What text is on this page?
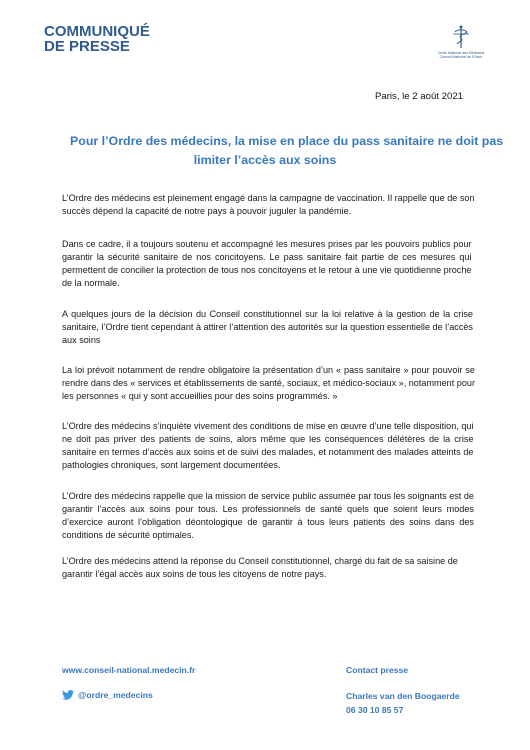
COMMUNIQUÉ
DE PRESSE	Ordre National des Médecins
Conseil National de l'Ordre
Paris, le 2 août 2021
Pour l’Ordre des médecins, la mise en place du pass sanitaire ne doit pas
limiter l’accès aux soins
L’Ordre des médecins est pleinement engagé dans la campagne de vaccination. Il rappelle que de son
succès dépend la capacité de notre pays à pouvoir juguler la pandémie.
Dans ce cadre, il a toujours soutenu et accompagné les mesures prises par les pouvoirs publics pour
garantir la sécurité sanitaire de nos concitoyens. Le pass sanitaire fait partie de ces mesures qui
permettent de concilier la protection de tous nos concitoyens et le retour à une vie quotidienne proche
de la normale.
A quelques jours de la décision du Conseil constitutionnel sur la loi relative à la gestion de la crise
sanitaire, l’Ordre tient cependant à attirer l’attention des autorités sur la question essentielle de l’accès
aux soins
La loi prévoit notamment de rendre obligatoire la présentation d’un « pass sanitaire » pour pouvoir se
rendre dans des « services et établissements de santé, sociaux, et médico-sociaux », notamment pour
les personnes « qui y sont accueillies pour des soins programmés. »
L’Ordre des médecins s’inquiète vivement des conditions de mise en œuvre d’une telle disposition, qui
ne doit pas priver des patients de soins, alors même que les conséquences délétères de la crise
sanitaire en termes d’accès aux soins et de suivi des malades, et notamment des malades atteints de
pathologies chroniques, sont largement documentées.
L’Ordre des médecins rappelle que la mission de service public assumée par tous les soignants est de
garantir l’accès aux soins pour tous. Les professionnels de santé quels que soient leurs modes
d’exercice auront l’obligation déontologique de garantir à tous leurs patients des soins dans des
conditions de sécurité optimales.
L’Ordre des médecins attend la réponse du Conseil constitutionnel, chargé du fait de sa saisine de
garantir l’égal accès aux soins de tous les citoyens de notre pays.
www.conseil-national.medecin.fr
@ordre_medecins
Contact presse
Charles van den Boogaerde
06 30 10 85 57
